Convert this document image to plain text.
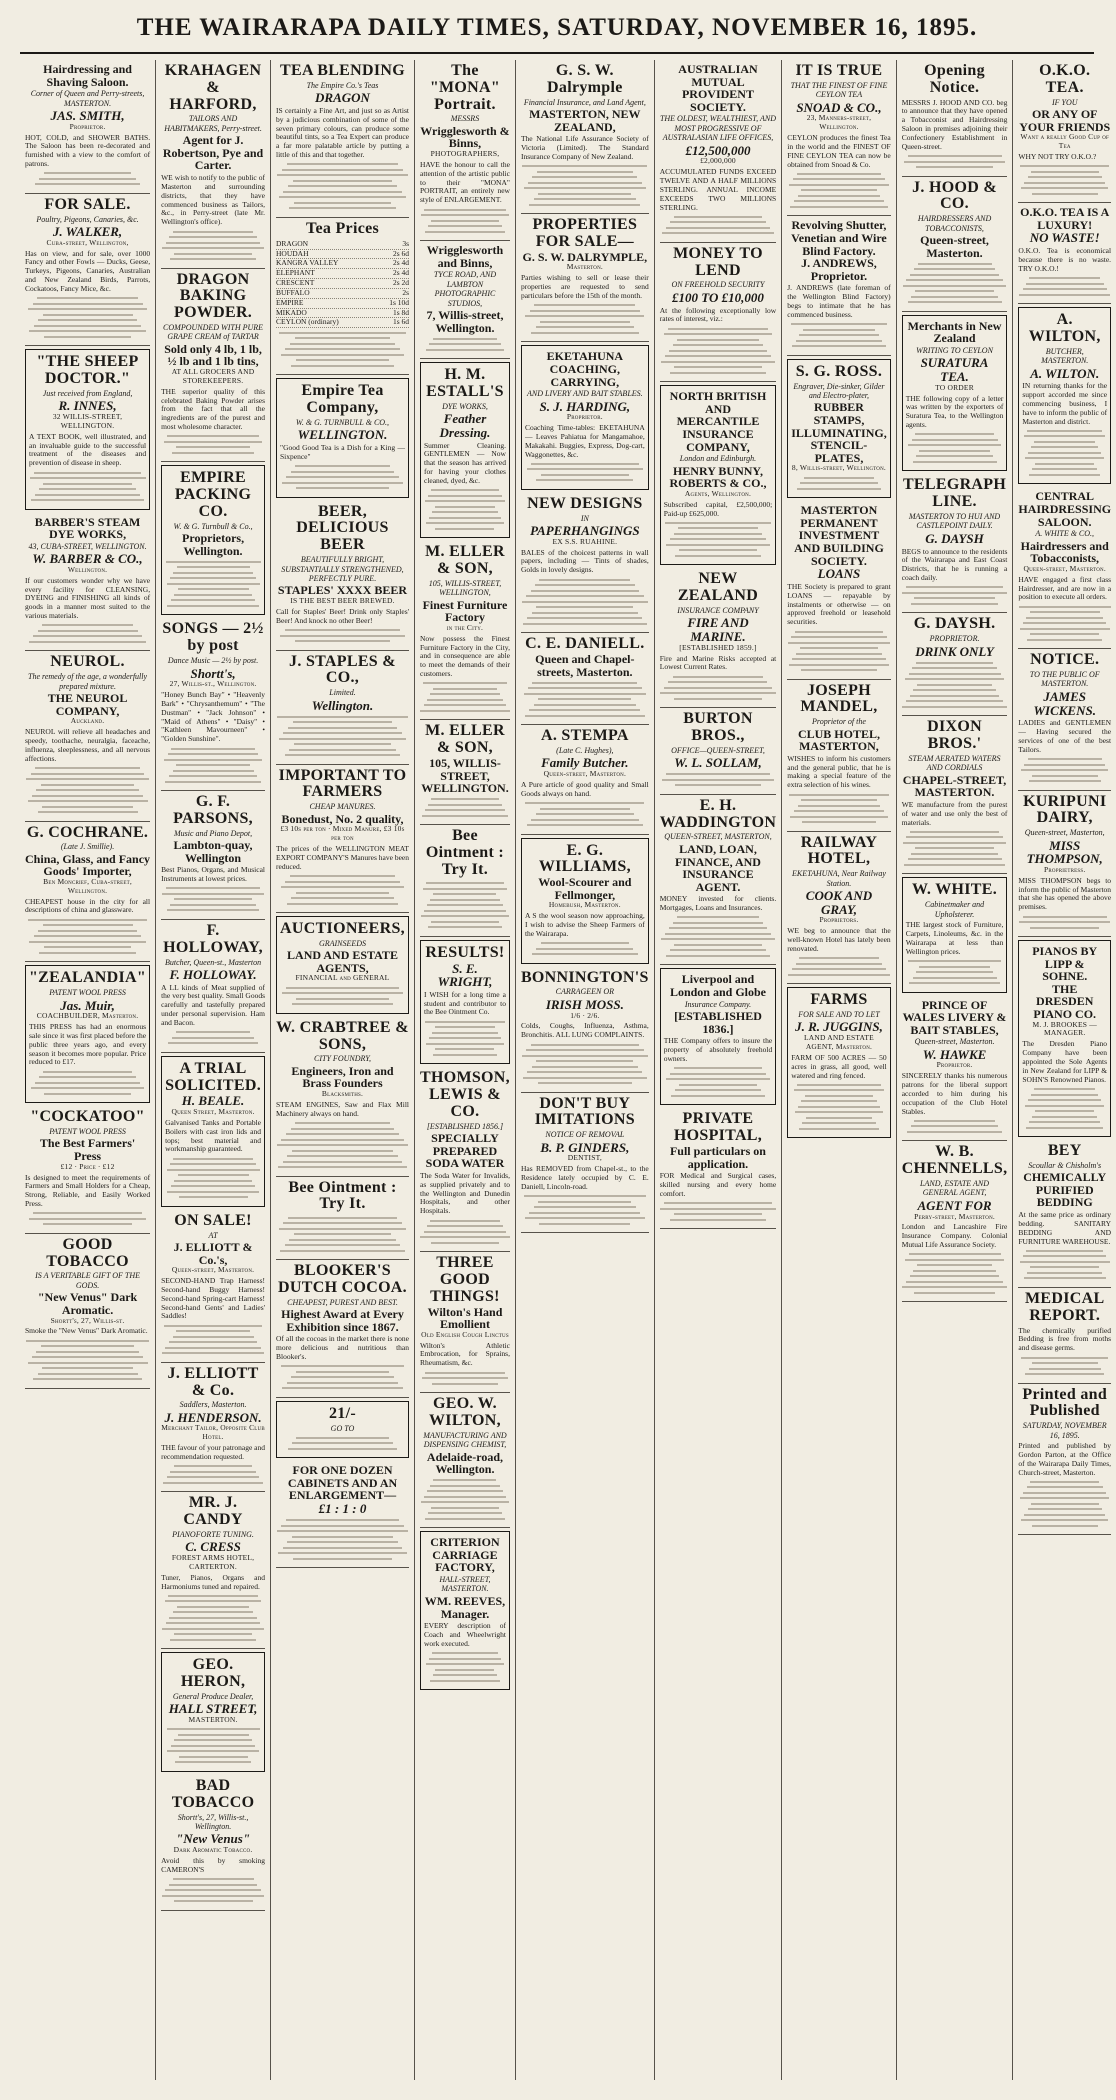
THE WAIRARAPA DAILY TIMES, SATURDAY, NOVEMBER 16, 1895.
Hairdressing and Shaving Saloon.
Corner of Queen and Perry-streets, MASTERTON.
JAS. SMITH,
Proprietor.
HOT, COLD, and SHOWER BATHS. The Saloon has been re-decorated and furnished with a view to the comfort of patrons.
FOR SALE.
Poultry, Pigeons, Canaries, &c.
J. WALKER,
Cuba-street, Wellington,
Has on view, and for sale, over 1000 Fancy and other Fowls — Ducks, Geese, Turkeys, Pigeons, Canaries, Australian and New Zealand Birds, Parrots, Cockatoos, Fancy Mice, &c.
"THE SHEEP DOCTOR."
Just received from England,
R. INNES,
32 WILLIS-STREET, WELLINGTON.
A TEXT BOOK, well illustrated, and an invaluable guide to the successful treatment of the diseases and prevention of disease in sheep.
BARBER'S STEAM DYE WORKS,
43, CUBA-STREET, WELLINGTON.
W. BARBER & CO.,
Wellington.
If our customers wonder why we have every facility for CLEANSING, DYEING and FINISHING all kinds of goods in a manner most suited to the various materials.
NEUROL.
The remedy of the age, a wonderfully prepared mixture.
THE NEUROL COMPANY,
Auckland.
NEUROL will relieve all headaches and speedy, toothache, neuralgia, faceache, influenza, sleeplessness, and all nervous affections.
G. COCHRANE.
(Late J. Smillie).
China, Glass, and Fancy Goods' Importer,
Ben Moncrief, Cuba-street, Wellington.
CHEAPEST house in the city for all descriptions of china and glassware.
"ZEALANDIA"
PATENT WOOL PRESS
Jas. Muir,
COACHBUILDER, Masterton.
THIS PRESS has had an enormous sale since it was first placed before the public three years ago, and every season it becomes more popular. Price reduced to £17.
"COCKATOO"
PATENT WOOL PRESS
The Best Farmers' Press
£12 · Price · £12
Is designed to meet the requirements of Farmers and Small Holders for a Cheap, Strong, Reliable, and Easily Worked Press.
GOOD TOBACCO
IS A VERITABLE GIFT OF THE GODS.
"New Venus" Dark Aromatic.
Shortt's, 27, Willis-st.
Smoke the "New Venus" Dark Aromatic.
KRAHAGEN & HARFORD,
TAILORS AND HABITMAKERS, Perry-street.
Agent for J. Robertson, Pye and Carter.
WE wish to notify to the public of Masterton and surrounding districts, that they have commenced business as Tailors, &c., in Perry-street (late Mr. Wellington's office).
DRAGON BAKING POWDER.
COMPOUNDED WITH PURE GRAPE CREAM of TARTAR
Sold only 4 lb, 1 lb, ½ lb and 1 lb tins,
AT ALL GROCERS AND STOREKEEPERS.
THE superior quality of this celebrated Baking Powder arises from the fact that all the ingredients are of the purest and most wholesome character.
EMPIRE PACKING CO.
W. & G. Turnbull & Co.,
Proprietors, Wellington.
SONGS — 2½ by post
Dance Music — 2½ by post.
Shortt's,
27, Willis-st., Wellington.
"Honey Bunch Bay" • "Heavenly Bark" • "Chrysanthemum" • "The Dustman" • "Jack Johnson" • "Maid of Athens" • "Daisy" • "Kathleen Mavourneen" • "Golden Sunshine".
G. F. PARSONS,
Music and Piano Depot,
Lambton-quay, Wellington
Best Pianos, Organs, and Musical Instruments at lowest prices.
F. HOLLOWAY,
Butcher, Queen-st., Masterton
F. HOLLOWAY.
A LL kinds of Meat supplied of the very best quality. Small Goods carefully and tastefully prepared under personal supervision. Ham and Bacon.
A TRIAL SOLICITED.
H. BEALE.
Queen Street, Masterton.
Galvanised Tanks and Portable Boilers with cast iron lids and tops; best material and workmanship guaranteed.
ON SALE!
AT
J. ELLIOTT & Co.'s,
Queen-street, Masterton.
SECOND-HAND Trap Harness! Second-hand Buggy Harness! Second-hand Spring-cart Harness! Second-hand Gents' and Ladies' Saddles!
J. ELLIOTT & Co.
Saddlers, Masterton.
J. HENDERSON.
Merchant Tailor, Opposite Club Hotel.
THE favour of your patronage and recommendation requested.
MR. J. CANDY
PIANOFORTE TUNING.
C. CRESS
FOREST ARMS HOTEL, CARTERTON.
Tuner, Pianos, Organs and Harmoniums tuned and repaired.
GEO. HERON,
General Produce Dealer,
HALL STREET,
MASTERTON.
BAD TOBACCO
Shortt's, 27, Willis-st., Wellington.
"New Venus"
Dark Aromatic Tobacco.
Avoid this by smoking CAMERON'S
TEA BLENDING
The Empire Co.'s Teas
DRAGON
IS certainly a Fine Art, and just so as Artist by a judicious combination of some of the seven primary colours, can produce some beautiful tints, so a Tea Expert can produce a far more palatable article by putting a little of this and that together.
Tea Prices
DRAGON	3s
HOUDAH	2s 6d
KANGRA VALLEY	2s 4d
ELEPHANT	2s 4d
CRESCENT	2s 2d
BUFFALO	2s
EMPIRE	1s 10d
MIKADO	1s 8d
CEYLON (ordinary)	1s 6d
Empire Tea Company,
W. & G. TURNBULL & CO.,
WELLINGTON.
"Good Good Tea is a Dish for a King — Sixpence"
BEER, DELICIOUS BEER
BEAUTIFULLY BRIGHT, SUBSTANTIALLY STRENGTHENED, PERFECTLY PURE.
STAPLES' XXXX BEER
IS THE BEST BEER BREWED.
Call for Staples' Beer! Drink only Staples' Beer! And knock no other Beer!
J. STAPLES & CO.,
Limited.
Wellington.
IMPORTANT TO FARMERS
CHEAP MANURES.
Bonedust, No. 2 quality,
£3 10s per ton · Mixed Manure, £3 10s per ton
The prices of the WELLINGTON MEAT EXPORT COMPANY'S Manures have been reduced.
AUCTIONEERS,
GRAINSEEDS
LAND AND ESTATE AGENTS,
FINANCIAL and GENERAL
W. CRABTREE & SONS,
CITY FOUNDRY,
Engineers, Iron and Brass Founders
Blacksmiths.
STEAM ENGINES, Saw and Flax Mill Machinery always on hand.
Bee Ointment : Try It.
BLOOKER'S DUTCH COCOA.
CHEAPEST, PUREST AND BEST.
Highest Award at Every Exhibition since 1867.
Of all the cocoas in the market there is none more delicious and nutritious than Blooker's.
21/-
GO TO
FOR ONE DOZEN CABINETS AND AN ENLARGEMENT—
£1 : 1 : 0
The "MONA" Portrait.
MESSRS
Wrigglesworth & Binns,
PHOTOGRAPHERS,
HAVE the honour to call the attention of the artistic public to their "MONA" PORTRAIT, an entirely new style of ENLARGEMENT.
Wrigglesworth and Binns,
TYCE ROAD, AND LAMBTON PHOTOGRAPHIC STUDIOS,
7, Willis-street, Wellington.
H. M. ESTALL'S
DYE WORKS,
Feather Dressing.
Summer Cleaning. GENTLEMEN — Now that the season has arrived for having your clothes cleaned, dyed, &c.
M. ELLER & SON,
105, WILLIS-STREET, WELLINGTON,
Finest Furniture Factory
in the City.
Now possess the Finest Furniture Factory in the City, and in consequence are able to meet the demands of their customers.
M. ELLER & SON,
105, WILLIS-STREET, WELLINGTON.
Bee Ointment : Try It.
RESULTS!
S. E. WRIGHT,
I WISH for a long time a student and contributor to the Bee Ointment Co.
THOMSON, LEWIS & CO.
[ESTABLISHED 1856.]
SPECIALLY PREPARED SODA WATER
The Soda Water for Invalids, as supplied privately and to the Wellington and Dunedin Hospitals, and other Hospitals.
THREE GOOD THINGS!
Wilton's Hand Emollient
Old English Cough Linctus
Wilton's Athletic Embrocation, for Sprains, Rheumatism, &c.
GEO. W. WILTON,
MANUFACTURING AND DISPENSING CHEMIST,
Adelaide-road, Wellington.
CRITERION CARRIAGE FACTORY,
HALL-STREET, MASTERTON.
WM. REEVES, Manager.
EVERY description of Coach and Wheelwright work executed.
G. S. W. Dalrymple
Financial Insurance, and Land Agent,
MASTERTON, NEW ZEALAND,
The National Life Assurance Society of Victoria (Limited). The Standard Insurance Company of New Zealand.
PROPERTIES FOR SALE—
G. S. W. DALRYMPLE,
Masterton.
Parties wishing to sell or lease their properties are requested to send particulars before the 15th of the month.
EKETAHUNA COACHING, CARRYING,
AND LIVERY AND BAIT STABLES.
S. J. HARDING,
Proprietor.
Coaching Time-tables: EKETAHUNA — Leaves Pahiatua for Mangamahoe, Makakahi. Buggies, Express, Dog-cart, Waggonettes, &c.
NEW DESIGNS
IN
PAPERHANGINGS
EX S.S. RUAHINE.
BALES of the choicest patterns in wall papers, including — Tints of shades, Golds in lovely designs.
C. E. DANIELL.
Queen and Chapel-streets, Masterton.
A. STEMPA
(Late C. Hughes),
Family Butcher.
Queen-street, Masterton.
A Pure article of good quality and Small Goods always on hand.
E. G. WILLIAMS,
Wool-Scourer and Fellmonger,
Homebush, Masterton.
A S the wool season now approaching, I wish to advise the Sheep Farmers of the Wairarapa.
BONNINGTON'S
CARRAGEEN OR
IRISH MOSS.
1/6 · 2/6.
Colds, Coughs, Influenza, Asthma, Bronchitis. ALL LUNG COMPLAINTS.
DON'T BUY IMITATIONS
NOTICE OF REMOVAL
B. P. GINDERS,
DENTIST,
Has REMOVED from Chapel-st., to the Residence lately occupied by C. E. Daniell, Lincoln-road.
AUSTRALIAN MUTUAL PROVIDENT SOCIETY.
THE OLDEST, WEALTHIEST, AND MOST PROGRESSIVE OF AUSTRALASIAN LIFE OFFICES,
£12,500,000
£2,000,000
ACCUMULATED FUNDS EXCEED TWELVE AND A HALF MILLIONS STERLING. ANNUAL INCOME EXCEEDS TWO MILLIONS STERLING.
MONEY TO LEND
ON FREEHOLD SECURITY
£100 TO £10,000
At the following exceptionally low rates of interest, viz.:
NORTH BRITISH AND MERCANTILE INSURANCE COMPANY,
London and Edinburgh.
HENRY BUNNY, ROBERTS & CO.,
Agents, Wellington.
Subscribed capital, £2,500,000; Paid-up £625,000.
NEW ZEALAND
INSURANCE COMPANY
FIRE AND MARINE.
[ESTABLISHED 1859.]
Fire and Marine Risks accepted at Lowest Current Rates.
BURTON BROS.,
OFFICE—QUEEN-STREET,
W. L. SOLLAM,
E. H. WADDINGTON
QUEEN-STREET, MASTERTON,
LAND, LOAN, FINANCE, AND INSURANCE AGENT.
MONEY invested for clients. Mortgages, Loans and Insurances.
Liverpool and London and Globe
Insurance Company.
[ESTABLISHED 1836.]
THE Company offers to insure the property of absolutely freehold owners.
PRIVATE HOSPITAL,
Full particulars on application.
FOR Medical and Surgical cases, skilled nursing and every home comfort.
IT IS TRUE
THAT THE FINEST OF FINE CEYLON TEA
SNOAD & CO.,
23, Manners-street, Wellington.
CEYLON produces the finest Tea in the world and the FINEST OF FINE CEYLON TEA can now be obtained from Snoad & Co.
Revolving Shutter, Venetian and Wire Blind Factory.
J. ANDREWS, Proprietor.
J. ANDREWS (late foreman of the Wellington Blind Factory) begs to intimate that he has commenced business.
S. G. ROSS.
Engraver, Die-sinker, Gilder and Electro-plater,
RUBBER STAMPS, ILLUMINATING, STENCIL-PLATES,
8, Willis-street, Wellington.
MASTERTON PERMANENT INVESTMENT AND BUILDING SOCIETY.
LOANS
THE Society is prepared to grant LOANS — repayable by instalments or otherwise — on approved freehold or leasehold securities.
JOSEPH MANDEL,
Proprietor of the
CLUB HOTEL, MASTERTON,
WISHES to inform his customers and the general public, that he is making a special feature of the extra selection of his wines.
RAILWAY HOTEL,
EKETAHUNA, Near Railway Station.
COOK AND GRAY,
Proprietors.
WE beg to announce that the well-known Hotel has lately been renovated.
FARMS
FOR SALE AND TO LET
J. R. JUGGINS,
LAND AND ESTATE AGENT, Masterton.
FARM OF 500 ACRES — 50 acres in grass, all good, well watered and ring fenced.
Opening Notice.
MESSRS J. HOOD AND CO. beg to announce that they have opened a Tobacconist and Hairdressing Saloon in premises adjoining their Confectionery Establishment in Queen-street.
J. HOOD & CO.
HAIRDRESSERS AND TOBACCONISTS,
Queen-street, Masterton.
Merchants in New Zealand
WRITING TO CEYLON
SURATURA TEA.
TO ORDER
THE following copy of a letter was written by the exporters of Suratura Tea, to the Wellington agents.
TELEGRAPH LINE.
MASTERTON TO HUI AND CASTLEPOINT DAILY.
G. DAYSH
BEGS to announce to the residents of the Wairarapa and East Coast Districts, that he is running a coach daily.
G. DAYSH.
PROPRIETOR.
DRINK ONLY
DIXON BROS.'
STEAM AERATED WATERS AND CORDIALS
CHAPEL-STREET, MASTERTON.
WE manufacture from the purest of water and use only the best of materials.
W. WHITE.
Cabinetmaker and Upholsterer.
THE largest stock of Furniture, Carpets, Linoleums, &c. in the Wairarapa at less than Wellington prices.
PRINCE OF WALES LIVERY & BAIT STABLES,
Queen-street, Masterton.
W. HAWKE
Proprietor.
SINCERELY thanks his numerous patrons for the liberal support accorded to him during his occupation of the Club Hotel Stables.
W. B. CHENNELLS,
LAND, ESTATE AND GENERAL AGENT,
AGENT FOR
Perry-street, Masterton.
London and Lancashire Fire Insurance Company. Colonial Mutual Life Assurance Society.
O.K.O. TEA.
IF YOU
OR ANY OF YOUR FRIENDS
Want a really Good Cup of Tea
WHY NOT TRY O.K.O.?
O.K.O. TEA IS A LUXURY!
NO WASTE!
O.K.O. Tea is economical because there is no waste. TRY O.K.O.!
A. WILTON,
BUTCHER, MASTERTON.
A. WILTON.
IN returning thanks for the support accorded me since commencing business, I have to inform the public of Masterton and district.
CENTRAL HAIRDRESSING SALOON.
A. WHITE & CO.,
Hairdressers and Tobacconists,
Queen-street, Masterton.
HAVE engaged a first class Hairdresser, and are now in a position to execute all orders.
NOTICE.
TO THE PUBLIC OF MASTERTON.
JAMES WICKENS.
LADIES and GENTLEMEN — Having secured the services of one of the best Tailors.
KURIPUNI DAIRY,
Queen-street, Masterton,
MISS THOMPSON,
Proprietress.
MISS THOMPSON begs to inform the public of Masterton that she has opened the above premises.
PIANOS BY LIPP & SOHNE.
THE DRESDEN PIANO CO.
M. J. BROOKES — MANAGER.
The Dresden Piano Company have been appointed the Sole Agents in New Zealand for LIPP & SOHN'S Renowned Pianos.
BEY
Scoullar & Chisholm's
CHEMICALLY PURIFIED BEDDING
At the same price as ordinary bedding. SANITARY BEDDING AND FURNITURE WAREHOUSE.
MEDICAL REPORT.
The chemically purified Bedding is free from moths and disease germs.
Printed and Published
SATURDAY, NOVEMBER 16, 1895.
Printed and published by Gordon Parton, at the Office of the Wairarapa Daily Times, Church-street, Masterton.
